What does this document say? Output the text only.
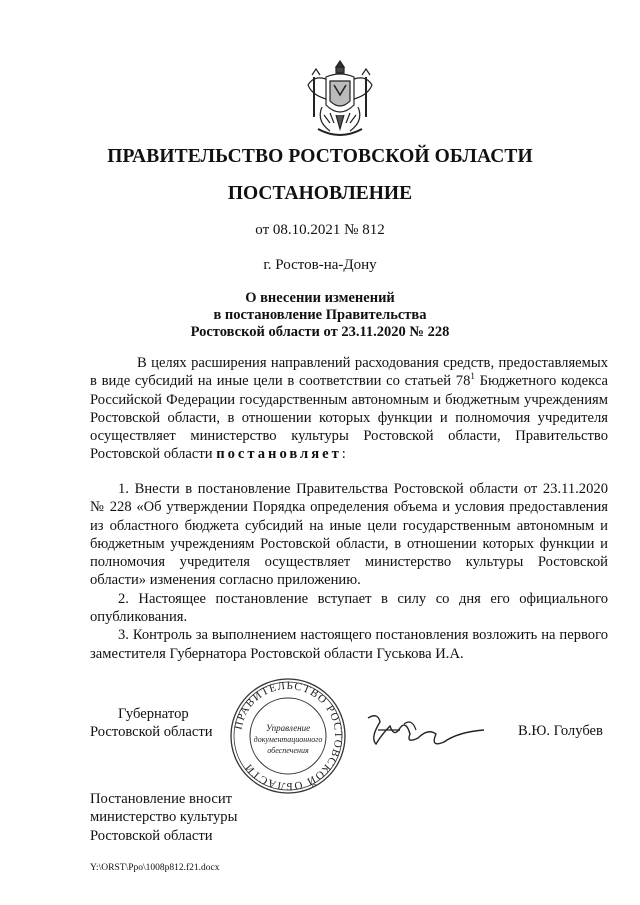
ПРАВИТЕЛЬСТВО РОСТОВСКОЙ ОБЛАСТИ
ПОСТАНОВЛЕНИЕ
от 08.10.2021 № 812
г. Ростов-на-Дону
О внесении изменений
в постановление Правительства
Ростовской области от 23.11.2020 № 228
В целях расширения направлений расходования средств, предоставляемых в виде субсидий на иные цели в соответствии со статьей $78^1$ Бюджетного кодекса Российской Федерации государственным автономным и бюджетным учреждениям Ростовской области, в отношении которых функции и полномочия учредителя осуществляет министерство культуры Ростовской области, Правительство Ростовской области постановляет:

1. Внести в постановление Правительства Ростовской области от 23.11.2020 № 228 «Об утверждении Порядка определения объема и условия предоставления из областного бюджета субсидий на иные цели государственным автономным и бюджетным учреждениям Ростовской области, в отношении которых функции и полномочия учредителя осуществляет министерство культуры Ростовской области» изменения согласно приложению.

2. Настоящее постановление вступает в силу со дня его официального опубликования.

3. Контроль за выполнением настоящего постановления возложить на первого заместителя Губернатора Ростовской области Гуськова И.А.

Губернатор
Ростовской области ПРАВИТЕЛЬСТВО РОСТОВСКОЙ ОБЛАСТИ
Управление
документационного
обеспечения
В.Ю. Голубев
Постановление вносит
министерство культуры
Ростовской области
Y:\ORST\Ppo\1008p812.f21.docx
